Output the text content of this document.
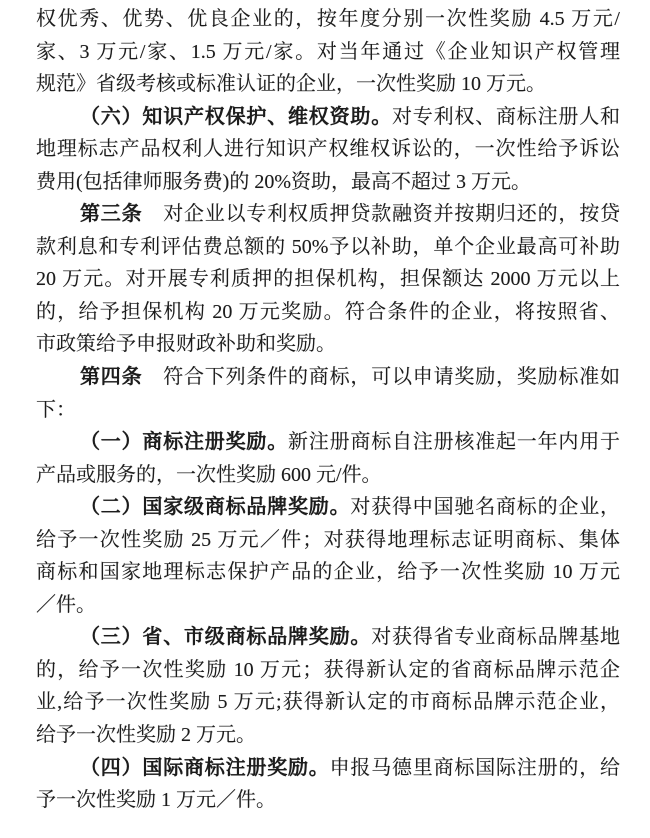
权优秀、优势、优良企业的，按年度分别一次性奖励 4.5 万元/
家、3 万元/家、1.5 万元/家。对当年通过《企业知识产权管理
规范》省级考核或标准认证的企业，一次性奖励 10 万元。
（六）知识产权保护、维权资助。对专利权、商标注册人和
地理标志产品权利人进行知识产权维权诉讼的，一次性给予诉讼
费用(包括律师服务费)的 20%资助，最高不超过 3 万元。
第三条　对企业以专利权质押贷款融资并按期归还的，按贷
款利息和专利评估费总额的 50%予以补助，单个企业最高可补助
20 万元。对开展专利质押的担保机构，担保额达 2000 万元以上
的，给予担保机构 20 万元奖励。符合条件的企业，将按照省、
市政策给予申报财政补助和奖励。
第四条　符合下列条件的商标，可以申请奖励，奖励标准如
下：
（一）商标注册奖励。新注册商标自注册核准起一年内用于
产品或服务的，一次性奖励 600 元/件。
（二）国家级商标品牌奖励。对获得中国驰名商标的企业，
给予一次性奖励 25 万元／件；对获得地理标志证明商标、集体
商标和国家地理标志保护产品的企业，给予一次性奖励 10 万元
／件。
（三）省、市级商标品牌奖励。对获得省专业商标品牌基地
的，给予一次性奖励 10 万元；获得新认定的省商标品牌示范企
业,给予一次性奖励 5 万元;获得新认定的市商标品牌示范企业，
给予一次性奖励 2 万元。
（四）国际商标注册奖励。申报马德里商标国际注册的，给
予一次性奖励 1 万元／件。
